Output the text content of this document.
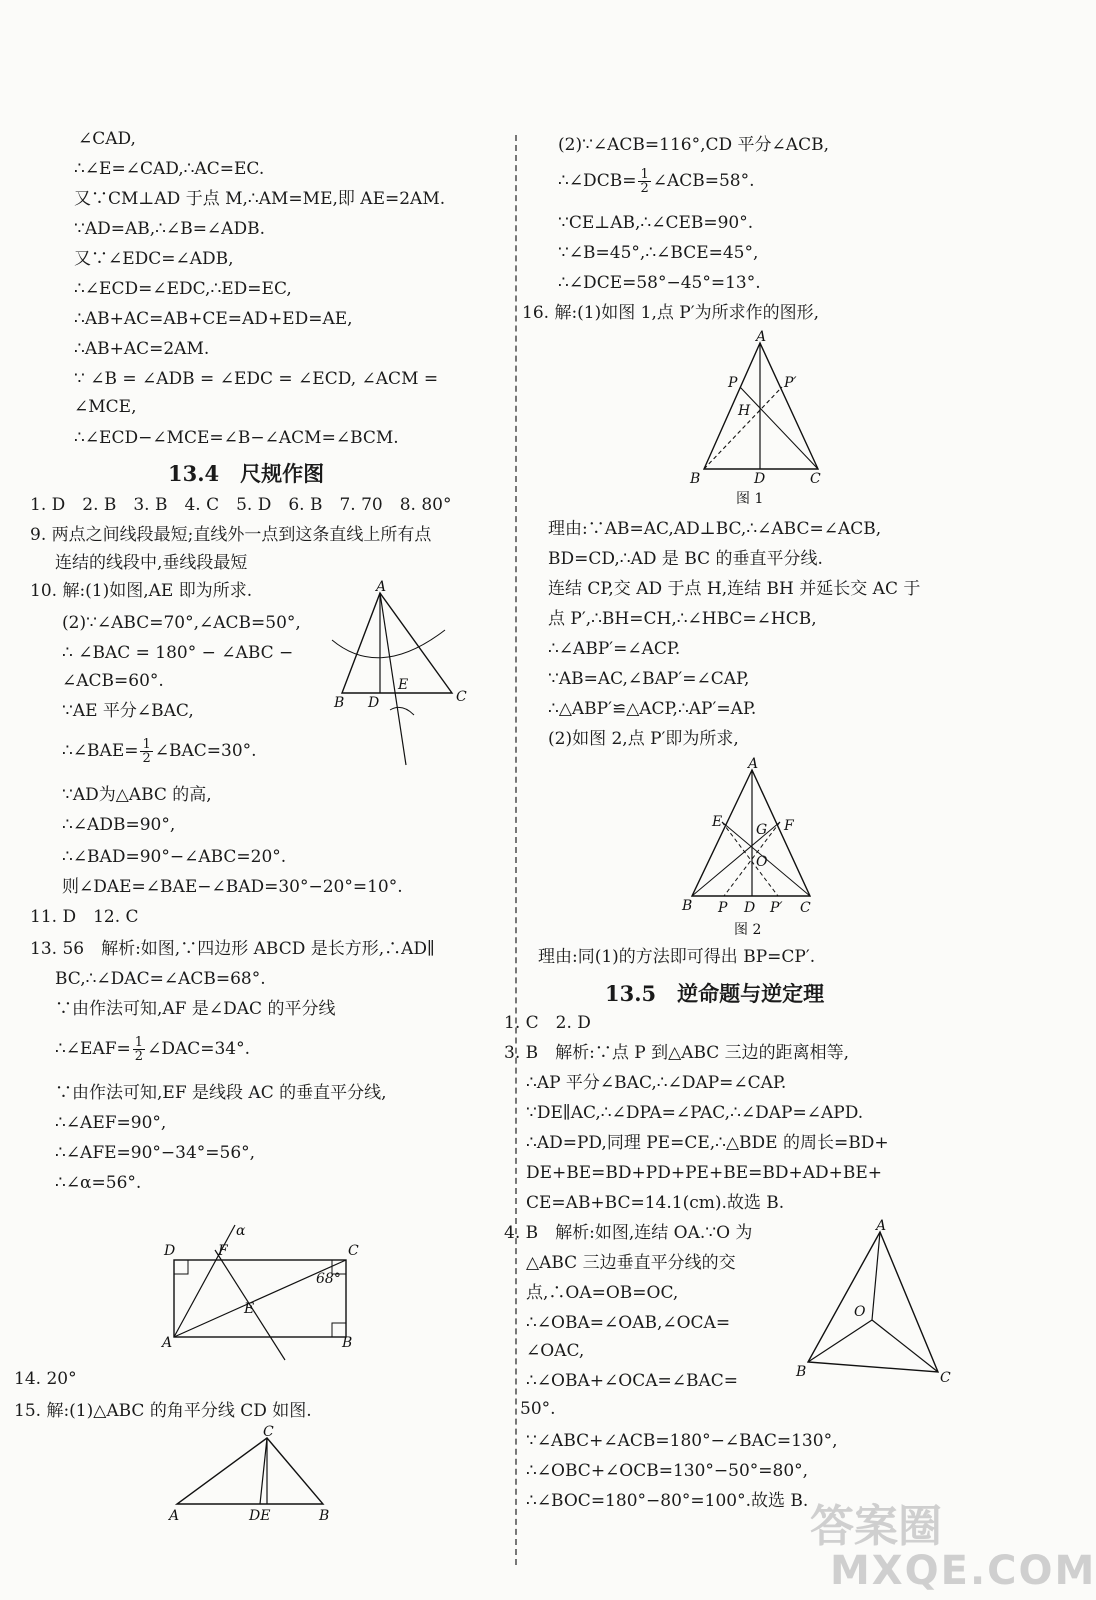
13.4　尺规作图
∴∠BAE= $\frac{1}{2}$ ∠BAC=30°.
∴∠EAF= $\frac{1}{2}$ ∠DAC=34°.
∴∠DCB= $\frac{1}{2}$ ∠ACB=58°.
13.5　逆命题与逆定理
A
B D
E
C
D	F
α
C
68°
E
A	B
C
A	DE	B
A
P	P′
H
B	D	C
图 1
A
E	F
G
O
B P D P′ C
图 2
A
O
B	C
MXQE.COM
答案圈
∠CAD,
∴∠E=∠CAD,∴AC=EC.
又∵CM⊥AD 于点 M,∴AM=ME,即 AE=2AM.
∵AD=AB,∴∠B=∠ADB.
又∵∠EDC=∠ADB,
∴∠ECD=∠EDC,∴ED=EC,
∴AB+AC=AB+CE=AD+ED=AE,
∴AB+AC=2AM.
∵ ∠B = ∠ADB = ∠EDC = ∠ECD, ∠ACM =
∠MCE,
∴∠ECD−∠MCE=∠B−∠ACM=∠BCM.
1. D　2. B　3. B　4. C　5. D　6. B　7. 70　8. 80°
9. 两点之间线段最短;直线外一点到这条直线上所有点
连结的线段中,垂线段最短
10. 解:(1)如图,AE 即为所求.
(2)∵∠ABC=70°,∠ACB=50°,
∴ ∠BAC = 180° − ∠ABC −
∠ACB=60°.
∵AE 平分∠BAC,
∵AD为△ABC 的高,
∴∠ADB=90°,
∴∠BAD=90°−∠ABC=20°.
则∠DAE=∠BAE−∠BAD=30°−20°=10°.
11. D　12. C
13. 56　解析:如图,∵四边形 ABCD 是长方形,∴AD∥
BC,∴∠DAC=∠ACB=68°.
∵由作法可知,AF 是∠DAC 的平分线
∵由作法可知,EF 是线段 AC 的垂直平分线,
∴∠AEF=90°,
∴∠AFE=90°−34°=56°,
∴∠α=56°.
14. 20°
15. 解:(1)△ABC 的角平分线 CD 如图.
(2)∵∠ACB=116°,CD 平分∠ACB,
∵CE⊥AB,∴∠CEB=90°.
∵∠B=45°,∴∠BCE=45°,
∴∠DCE=58°−45°=13°.
16. 解:(1)如图 1,点 P′为所求作的图形,
理由:∵AB=AC,AD⊥BC,∴∠ABC=∠ACB,
BD=CD,∴AD 是 BC 的垂直平分线.
连结 CP,交 AD 于点 H,连结 BH 并延长交 AC 于
点 P′,∴BH=CH,∴∠HBC=∠HCB,
∴∠ABP′=∠ACP.
∵AB=AC,∠BAP′=∠CAP,
∴△ABP′≌△ACP,∴AP′=AP.
(2)如图 2,点 P′即为所求,
理由:同(1)的方法即可得出 BP=CP′.
1. C　2. D
3. B　解析:∵点 P 到△ABC 三边的距离相等,
∴AP 平分∠BAC,∴∠DAP=∠CAP.
∵DE∥AC,∴∠DPA=∠PAC,∴∠DAP=∠APD.
∴AD=PD,同理 PE=CE,∴△BDE 的周长=BD+
DE+BE=BD+PD+PE+BE=BD+AD+BE+
CE=AB+BC=14.1(cm).故选 B.
4. B　解析:如图,连结 OA.∵O 为
△ABC 三边垂直平分线的交
点,∴OA=OB=OC,
∴∠OBA=∠OAB,∠OCA=
∠OAC,
∴∠OBA+∠OCA=∠BAC=
50°.
∵∠ABC+∠ACB=180°−∠BAC=130°,
∴∠OBC+∠OCB=130°−50°=80°,
∴∠BOC=180°−80°=100°.故选 B.
